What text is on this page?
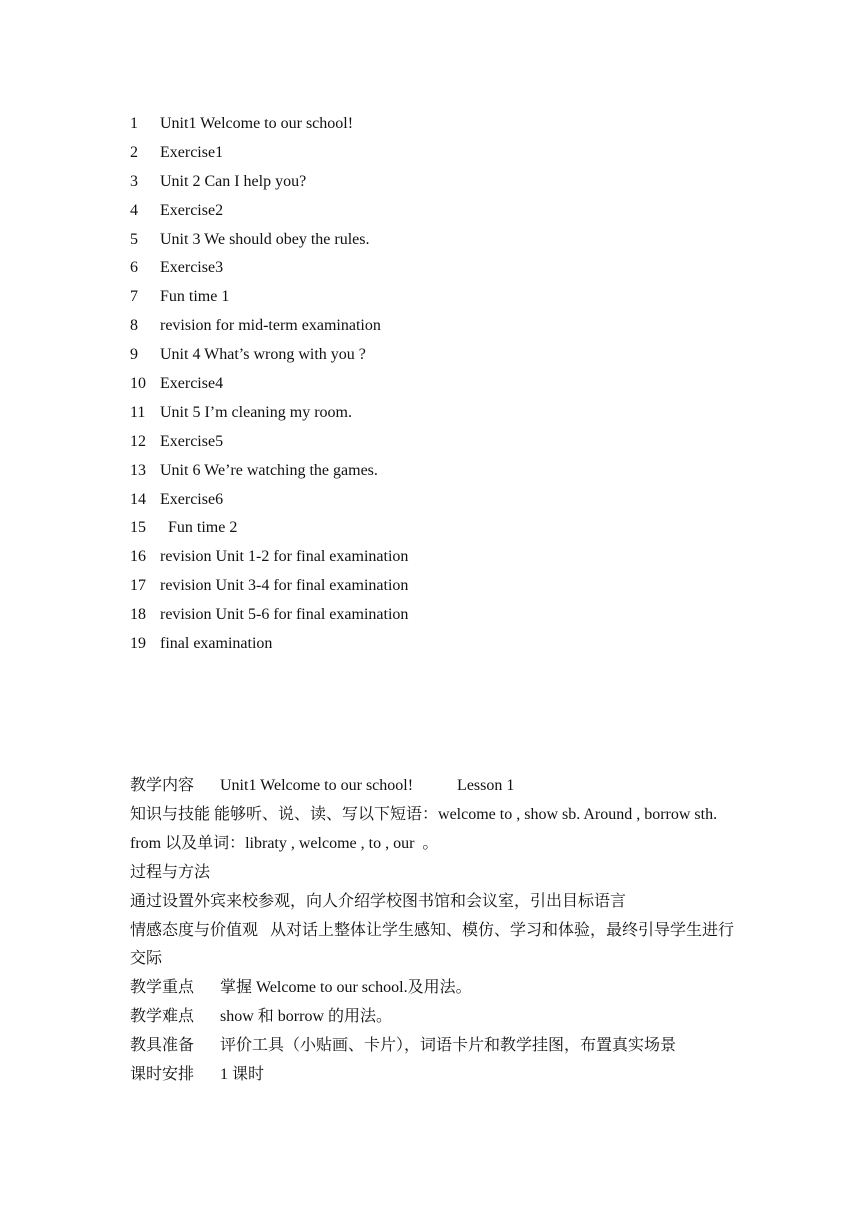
1	Unit1 Welcome to our school!
2	Exercise1
3	Unit 2 Can I help you?
4	Exercise2
5	Unit 3 We should obey the rules.
6	Exercise3
7	Fun time 1
8	revision for mid-term examination
9	Unit 4 What’s wrong with you ?
10 Exercise4
11 Unit 5 I’m cleaning my room.
12 Exercise5
13 Unit 6 We’re watching the games.
14 Exercise6
15 Fun time 2
16 revision Unit 1-2 for final examination
17 revision Unit 3-4 for final examination
18 revision Unit 5-6 for final examination
19 final examination
教学内容 Unit1 Welcome to our school!	Lesson 1
知识与技能 能够听、说、读、写以下短语：welcome to , show sb. Around , borrow sth. from 以及单词：libraty , welcome , to , our  。
过程与方法
通过设置外宾来校参观，向人介绍学校图书馆和会议室，引出目标语言
情感态度与价值观 从对话上整体让学生感知、模仿、学习和体验，最终引导学生进行交际
教学重点 掌握 Welcome to our school.及用法。
教学难点 show 和 borrow 的用法。
教具准备 评价工具（小贴画、卡片），词语卡片和教学挂图，布置真实场景
课时安排 1 课时
